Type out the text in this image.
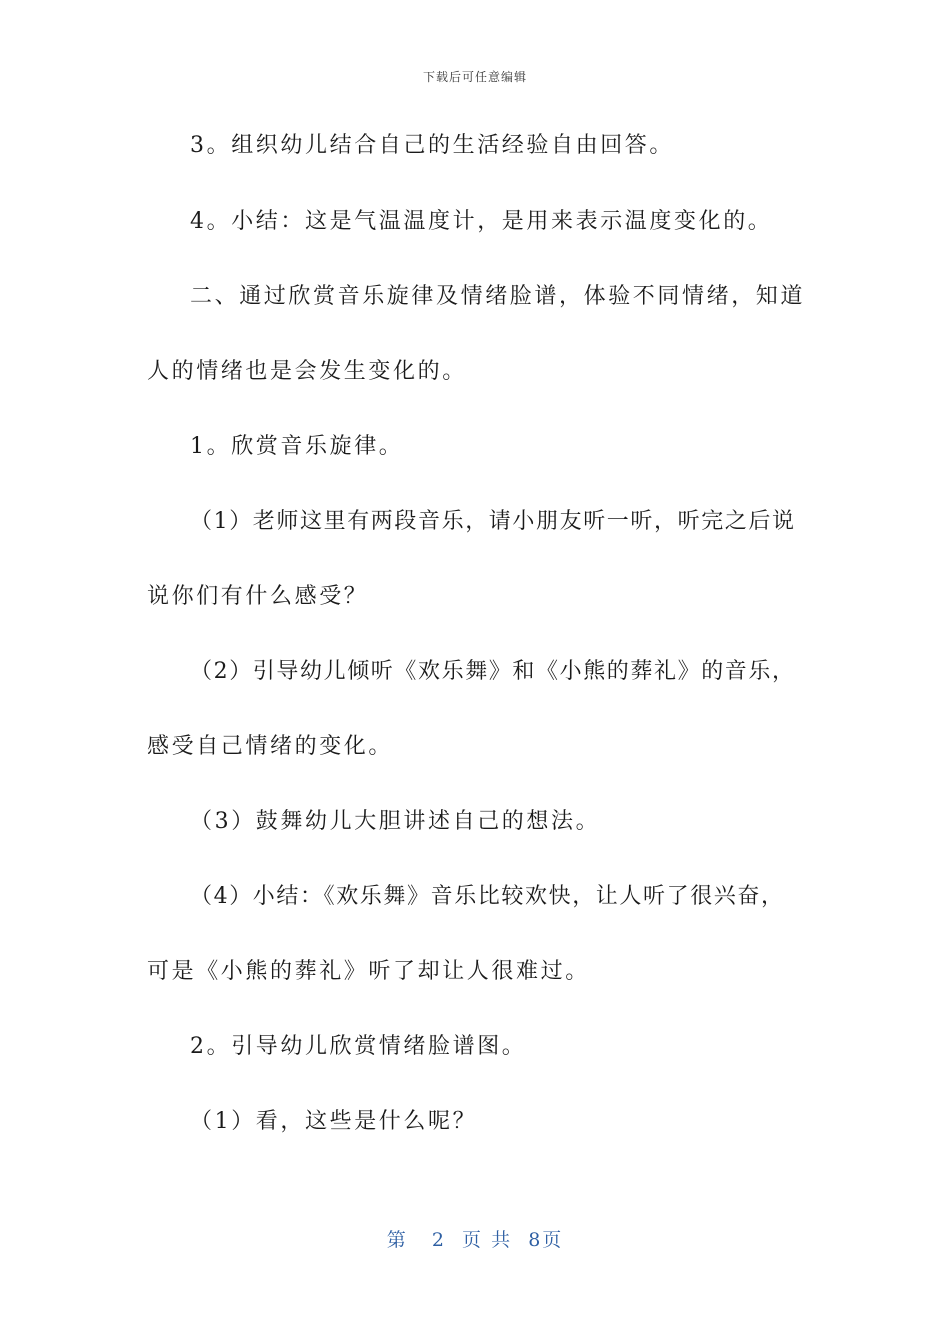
下载后可任意编辑
3。组织幼儿结合自己的生活经验自由回答。
4。小结：这是气温温度计，是用来表示温度变化的。
二、通过欣赏音乐旋律及情绪脸谱，体验不同情绪，知道
人的情绪也是会发生变化的。
1。欣赏音乐旋律。
（1）老师这里有两段音乐，请小朋友听一听，听完之后说
说你们有什么感受？
（2）引导幼儿倾听《欢乐舞》和《小熊的葬礼》的音乐，
感受自己情绪的变化。
（3）鼓舞幼儿大胆讲述自己的想法。
（4）小结：《欢乐舞》音乐比较欢快，让人听了很兴奋，
可是《小熊的葬礼》听了却让人很难过。
2。引导幼儿欣赏情绪脸谱图。
（1）看，这些是什么呢？
第 2 页 共 8页
